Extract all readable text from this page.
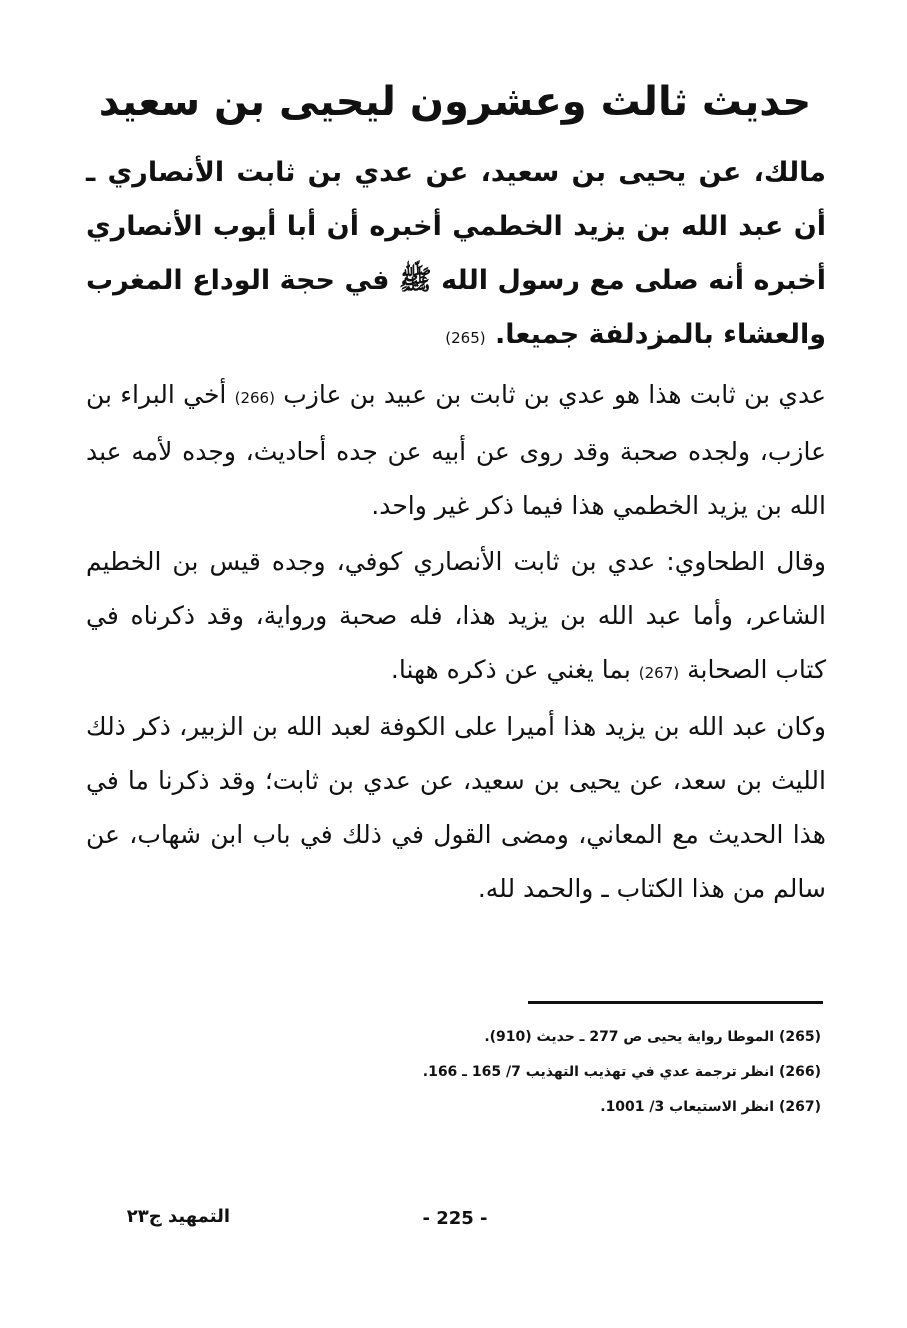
حديث ثالث وعشرون ليحيى بن سعيد
مالك، عن يحيى بن سعيد، عن عدي بن ثابت الأنصاري ـ أن عبد الله بن يزيد الخطمي أخبره أن أبا أيوب الأنصاري أخبره أنه صلى مع رسول الله ﷺ في حجة الوداع المغرب والعشاء بالمزدلفة جميعا. (265)
عدي بن ثابت هذا هو عدي بن ثابت بن عبيد بن عازب (266) أخي البراء بن عازب، ولجده صحبة وقد روى عن أبيه عن جده أحاديث، وجده لأمه عبد الله بن يزيد الخطمي هذا فيما ذكر غير واحد.
وقال الطحاوي: عدي بن ثابت الأنصاري كوفي، وجده قيس بن الخطيم الشاعر، وأما عبد الله بن يزيد هذا، فله صحبة ورواية، وقد ذكرناه في كتاب الصحابة (267) بما يغني عن ذكره ههنا.
وكان عبد الله بن يزيد هذا أميرا على الكوفة لعبد الله بن الزبير، ذكر ذلك الليث بن سعد، عن يحيى بن سعيد، عن عدي بن ثابت؛ وقد ذكرنا ما في هذا الحديث مع المعاني، ومضى القول في ذلك في باب ابن شهاب، عن سالم من هذا الكتاب ـ والحمد لله.
(265) الموطا رواية يحيى ص 277 ـ حديث (910).
(266) انظر ترجمة عدي في تهذيب التهذيب 7/ 165 ـ 166.
(267) انظر الاستيعاب 3/ 1001.
- 225 -
التمهيد ج٢٣
